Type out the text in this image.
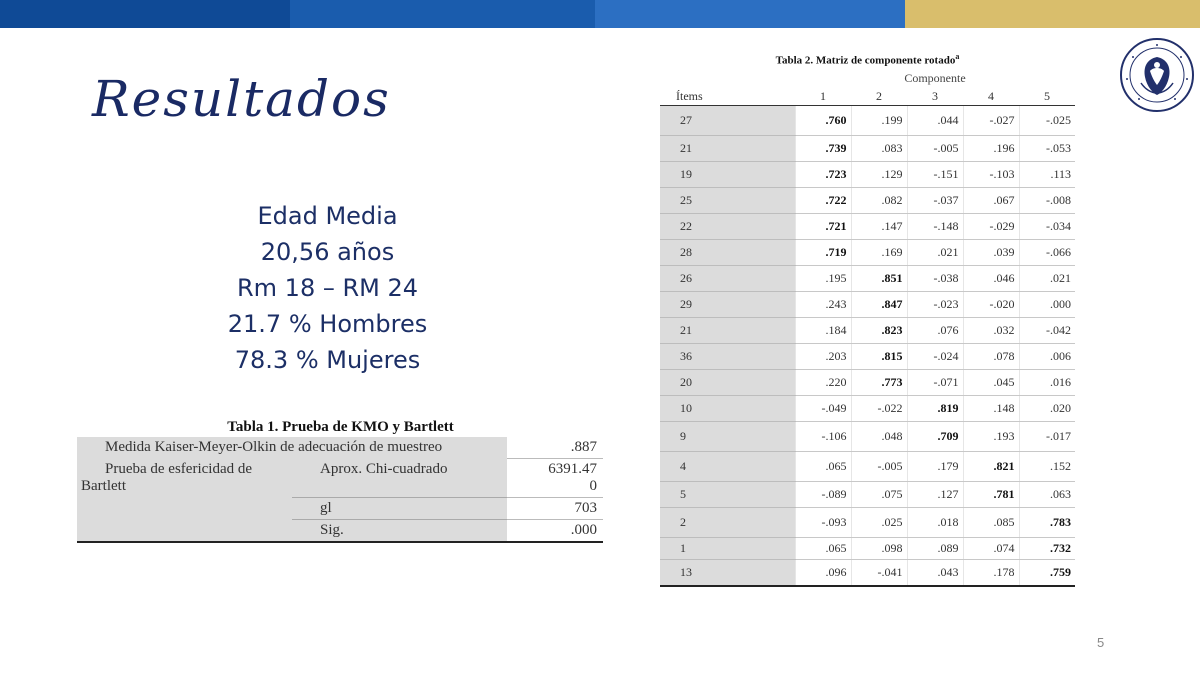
Resultados
Edad Media
20,56 años
Rm 18 – RM 24
21.7 % Hombres
78.3 % Mujeres
Tabla 1. Prueba de KMO y Bartlett
Medida Kaiser-Meyer-Olkin de adecuación de muestreo		.887
Prueba de esfericidad de
Bartlett	Aprox. Chi-cuadrado	6391.47
0
	gl	703
	Sig.	.000
Tabla 2. Matriz de componente rotado$^a$
Componente
Ítems	1	2	3	4	5
27	.760	.199	.044	-.027	-.025
21	.739	.083	-.005	.196	-.053
19	.723	.129	-.151	-.103	.113
25	.722	.082	-.037	.067	-.008
22	.721	.147	-.148	-.029	-.034
28	.719	.169	.021	.039	-.066
26	.195	.851	-.038	.046	.021
29	.243	.847	-.023	-.020	.000
21	.184	.823	.076	.032	-.042
36	.203	.815	-.024	.078	.006
20	.220	.773	-.071	.045	.016
10	-.049	-.022	.819	.148	.020
9	-.106	.048	.709	.193	-.017
4	.065	-.005	.179	.821	.152
5	-.089	.075	.127	.781	.063
2	-.093	.025	.018	.085	.783
1	.065	.098	.089	.074	.732
13	.096	-.041	.043	.178	.759
5
